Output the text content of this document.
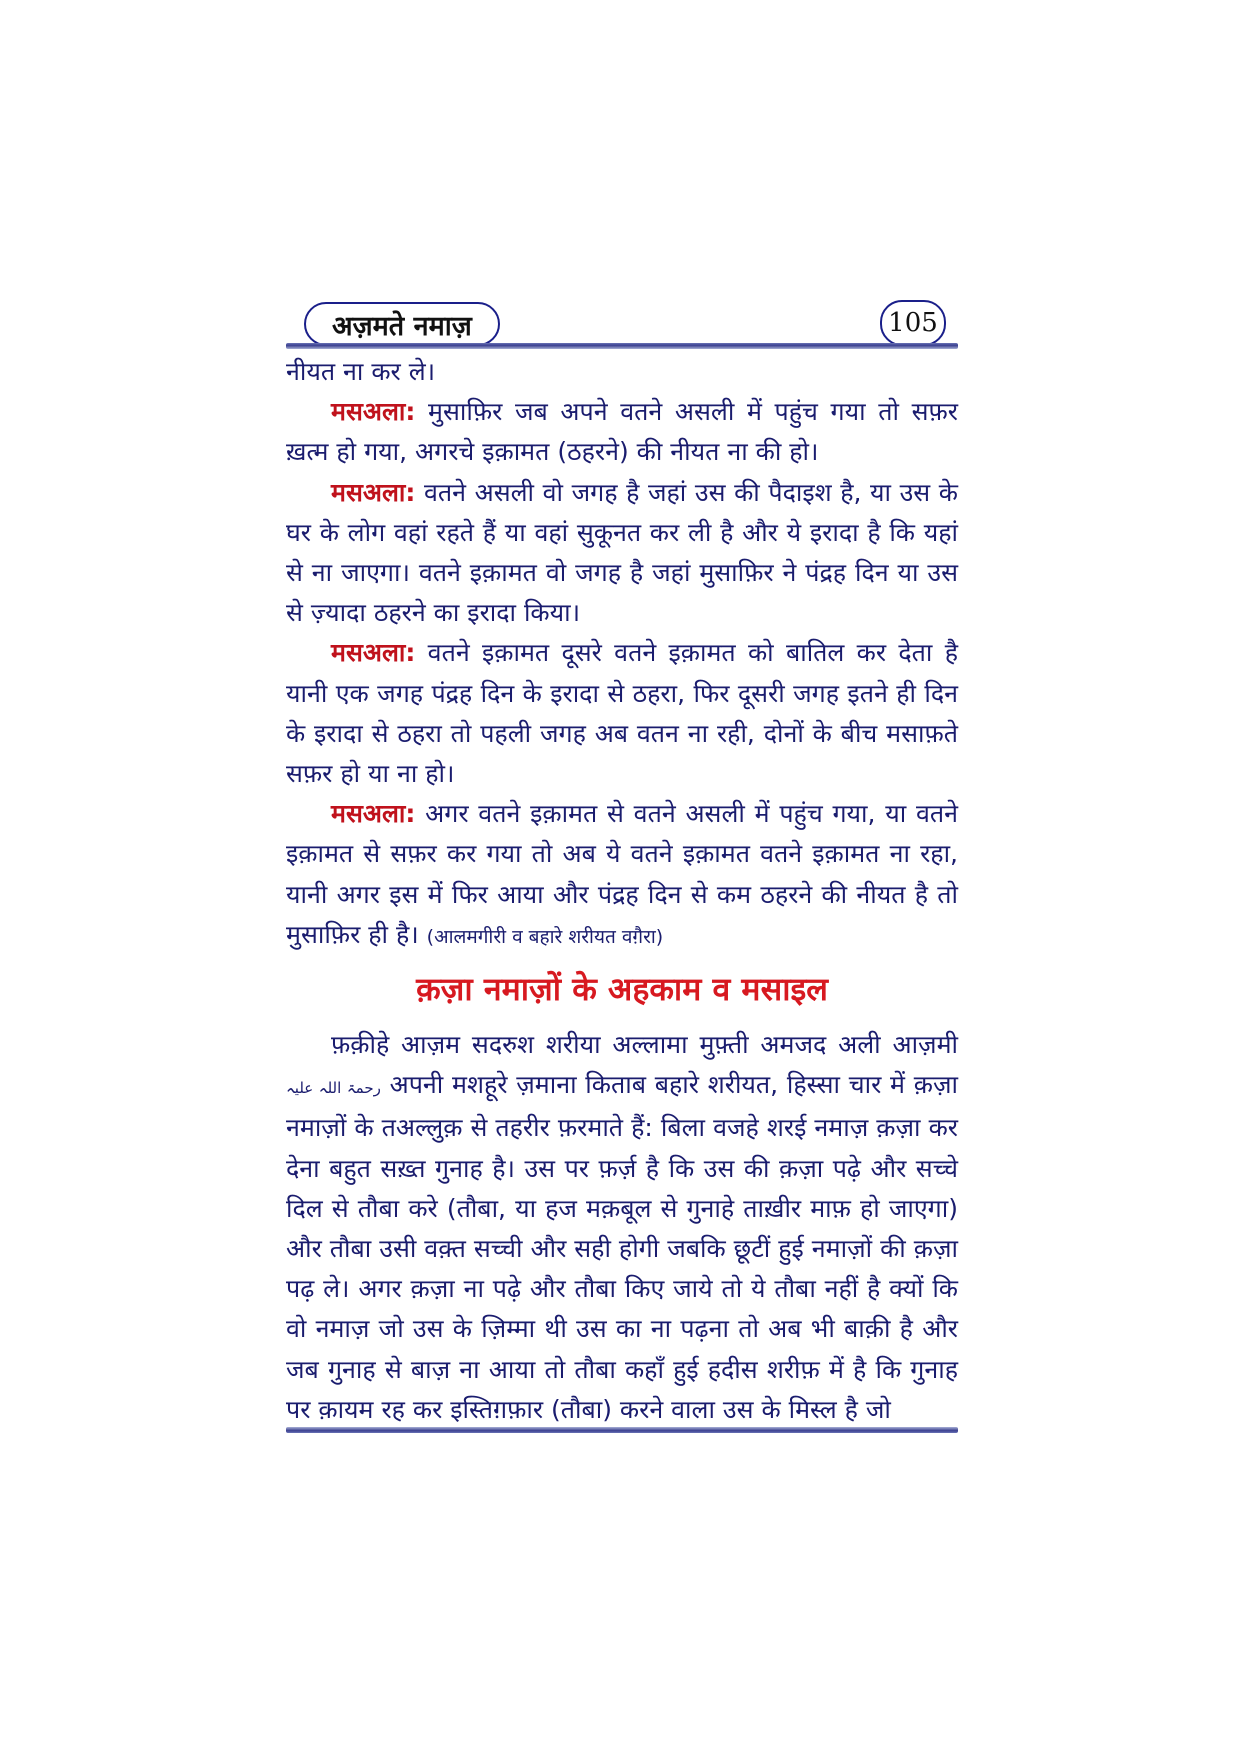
अज़मते नमाज़	105

नीयत ना कर ले।

मसअला: मुसाफ़िर जब अपने वतने असली में पहुंच गया तो सफ़र ख़त्म हो गया, अगरचे इक़ामत (ठहरने) की नीयत ना की हो।

मसअला: वतने असली वो जगह है जहां उस की पैदाइश है, या उस के घर के लोग वहां रहते हैं या वहां सुकूनत कर ली है और ये इरादा है कि यहां से ना जाएगा। वतने इक़ामत वो जगह है जहां मुसाफ़िर ने पंद्रह दिन या उस से ज़्यादा ठहरने का इरादा किया।

मसअला: वतने इक़ामत दूसरे वतने इक़ामत को बातिल कर देता है यानी एक जगह पंद्रह दिन के इरादा से ठहरा, फिर दूसरी जगह इतने ही दिन के इरादा से ठहरा तो पहली जगह अब वतन ना रही, दोनों के बीच मसाफ़ते सफ़र हो या ना हो।

मसअला: अगर वतने इक़ामत से वतने असली में पहुंच गया, या वतने इक़ामत से सफ़र कर गया तो अब ये वतने इक़ामत वतने इक़ामत ना रहा, यानी अगर इस में फिर आया और पंद्रह दिन से कम ठहरने की नीयत है तो मुसाफ़िर ही है। (आलमगीरी व बहारे शरीयत वग़ैरा)

क़ज़ा नमाज़ों के अहकाम व मसाइल

फ़क़ीहे आज़म सदरुश शरीया अल्लामा मुफ़्ती अमजद अली आज़मी رحمۃ اللہ علیہ अपनी मशहूरे ज़माना किताब बहारे शरीयत, हिस्सा चार में क़ज़ा नमाज़ों के तअल्लुक़ से तहरीर फ़रमाते हैं: बिला वजहे शरई नमाज़ क़ज़ा कर देना बहुत सख़्त गुनाह है। उस पर फ़र्ज़ है कि उस की क़ज़ा पढ़े और सच्चे दिल से तौबा करे (तौबा, या हज मक़बूल से गुनाहे ताख़ीर माफ़ हो जाएगा) और तौबा उसी वक़्त सच्ची और सही होगी जबकि छूटीं हुई नमाज़ों की क़ज़ा पढ़ ले। अगर क़ज़ा ना पढ़े और तौबा किए जाये तो ये तौबा नहीं है क्यों कि वो नमाज़ जो उस के ज़िम्मा थी उस का ना पढ़ना तो अब भी बाक़ी है और जब गुनाह से बाज़ ना आया तो तौबा कहाँ हुई हदीस शरीफ़ में है कि गुनाह पर क़ायम रह कर इस्तिग़फ़ार (तौबा) करने वाला उस के मिस्ल है जो
